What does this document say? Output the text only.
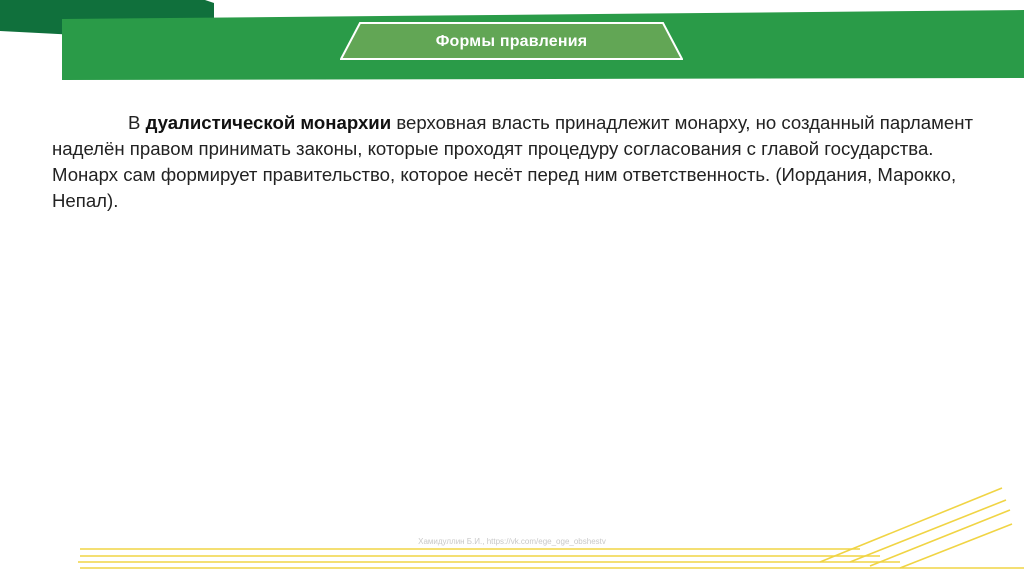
Формы правления
В дуалистической монархии верховная власть принадлежит монарху, но созданный парламент наделён правом принимать законы, которые проходят процедуру согласования с главой государства. Монарх сам формирует правительство, которое несёт перед ним ответственность. (Иордания, Марокко, Непал).
Хамидуллин Б.И., https://vk.com/ege_oge_obshestv
